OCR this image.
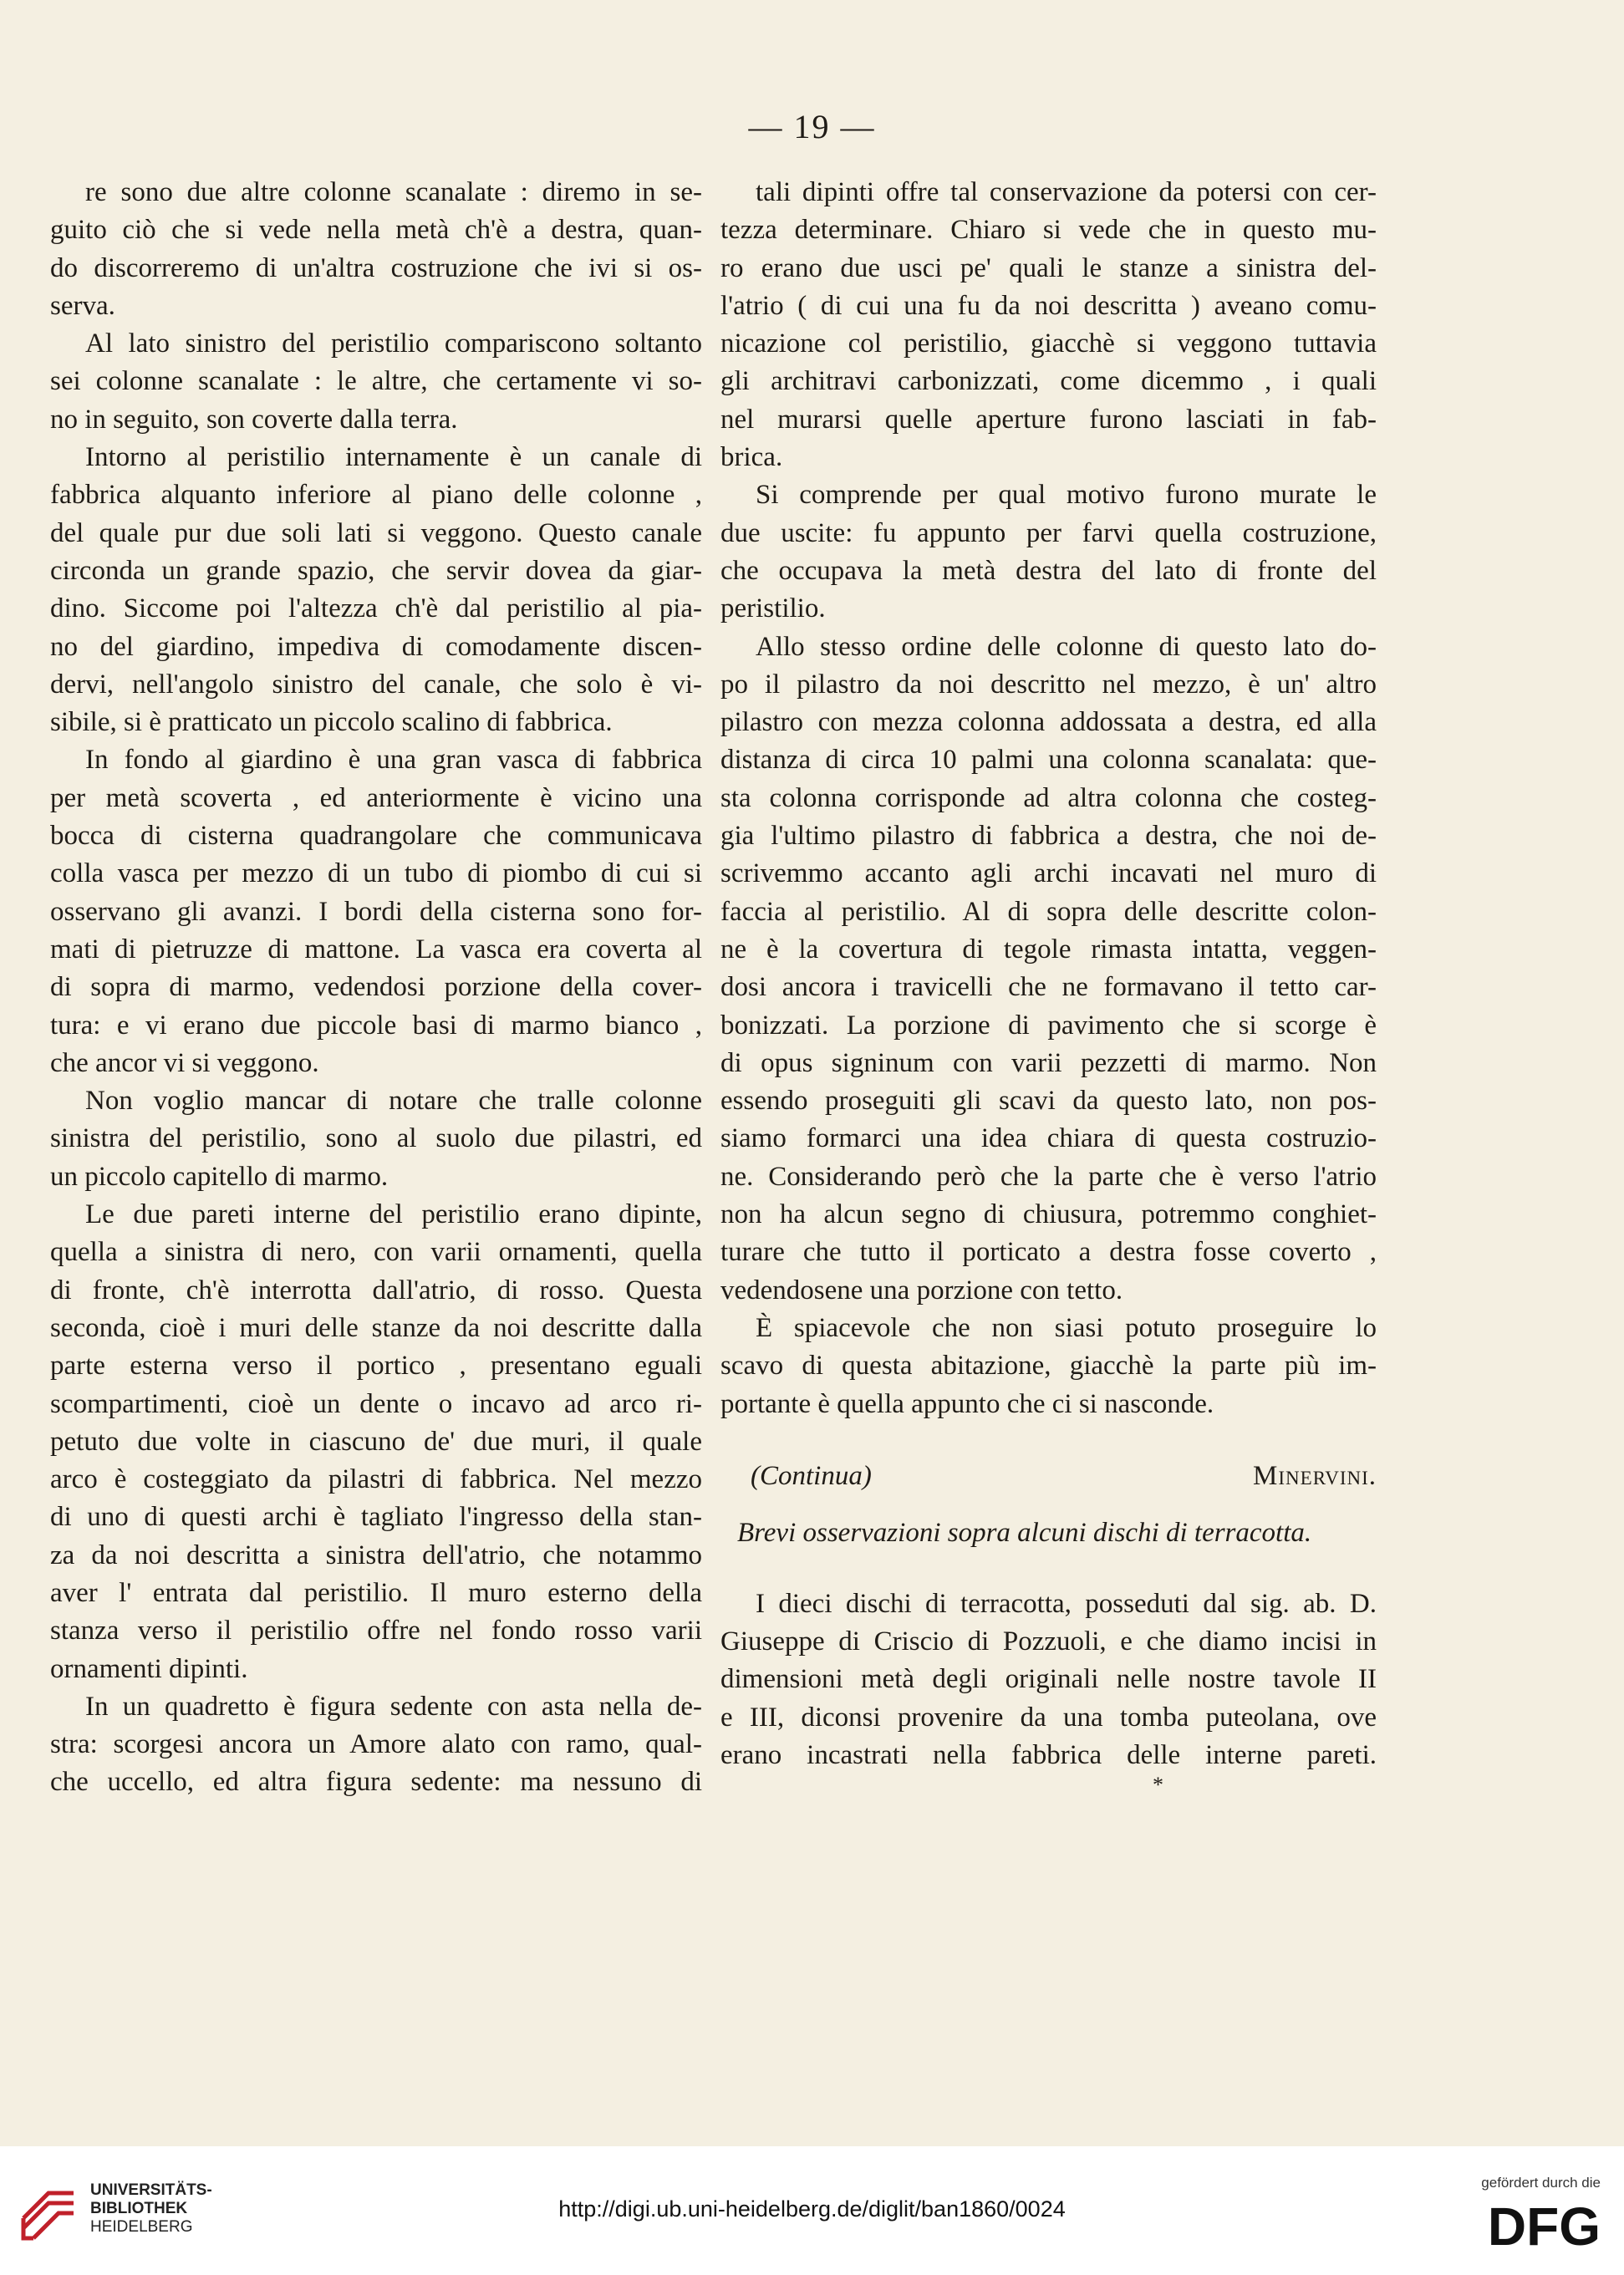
— 19 —
re sono due altre colonne scanalate : diremo in se-
guito ciò che si vede nella metà ch'è a destra, quan-
do discorreremo di un'altra costruzione che ivi si os-
serva.
Al lato sinistro del peristilio compariscono soltanto
sei colonne scanalate : le altre, che certamente vi so-
no in seguito, son coverte dalla terra.
Intorno al peristilio internamente è un canale di
fabbrica alquanto inferiore al piano delle colonne ,
del quale pur due soli lati si veggono. Questo canale
circonda un grande spazio, che servir dovea da giar-
dino. Siccome poi l'altezza ch'è dal peristilio al pia-
no del giardino, impediva di comodamente discen-
dervi, nell'angolo sinistro del canale, che solo è vi-
sibile, si è pratticato un piccolo scalino di fabbrica.
In fondo al giardino è una gran vasca di fabbrica
per metà scoverta , ed anteriormente è vicino una
bocca di cisterna quadrangolare che communicava
colla vasca per mezzo di un tubo di piombo di cui si
osservano gli avanzi. I bordi della cisterna sono for-
mati di pietruzze di mattone. La vasca era coverta al
di sopra di marmo, vedendosi porzione della cover-
tura: e vi erano due piccole basi di marmo bianco ,
che ancor vi si veggono.
Non voglio mancar di notare che tralle colonne
sinistra del peristilio, sono al suolo due pilastri, ed
un piccolo capitello di marmo.
Le due pareti interne del peristilio erano dipinte,
quella a sinistra di nero, con varii ornamenti, quella
di fronte, ch'è interrotta dall'atrio, di rosso. Questa
seconda, cioè i muri delle stanze da noi descritte dalla
parte esterna verso il portico , presentano eguali
scompartimenti, cioè un dente o incavo ad arco ri-
petuto due volte in ciascuno de' due muri, il quale
arco è costeggiato da pilastri di fabbrica. Nel mezzo
di uno di questi archi è tagliato l'ingresso della stan-
za da noi descritta a sinistra dell'atrio, che notammo
aver l' entrata dal peristilio. Il muro esterno della
stanza verso il peristilio offre nel fondo rosso varii
ornamenti dipinti.
In un quadretto è figura sedente con asta nella de-
stra: scorgesi ancora un Amore alato con ramo, qual-
che uccello, ed altra figura sedente: ma nessuno di
tali dipinti offre tal conservazione da potersi con cer-
tezza determinare. Chiaro si vede che in questo mu-
ro erano due usci pe' quali le stanze a sinistra del-
l'atrio ( di cui una fu da noi descritta ) aveano comu-
nicazione col peristilio, giacchè si veggono tuttavia
gli architravi carbonizzati, come dicemmo , i quali
nel murarsi quelle aperture furono lasciati in fab-
brica.
Si comprende per qual motivo furono murate le
due uscite: fu appunto per farvi quella costruzione,
che occupava la metà destra del lato di fronte del
peristilio.
Allo stesso ordine delle colonne di questo lato do-
po il pilastro da noi descritto nel mezzo, è un' altro
pilastro con mezza colonna addossata a destra, ed alla
distanza di circa 10 palmi una colonna scanalata: que-
sta colonna corrisponde ad altra colonna che costeg-
gia l'ultimo pilastro di fabbrica a destra, che noi de-
scrivemmo accanto agli archi incavati nel muro di
faccia al peristilio. Al di sopra delle descritte colon-
ne è la covertura di tegole rimasta intatta, veggen-
dosi ancora i travicelli che ne formavano il tetto car-
bonizzati. La porzione di pavimento che si scorge è
di opus signinum con varii pezzetti di marmo. Non
essendo proseguiti gli scavi da questo lato, non pos-
siamo formarci una idea chiara di questa costruzio-
ne. Considerando però che la parte che è verso l'atrio
non ha alcun segno di chiusura, potremmo conghiet-
turare che tutto il porticato a destra fosse coverto ,
vedendosene una porzione con tetto.
È spiacevole che non siasi potuto proseguire lo
scavo di questa abitazione, giacchè la parte più im-
portante è quella appunto che ci si nasconde.
(Continua)	Minervini.
Brevi osservazioni sopra alcuni dischi di terracotta.
I dieci dischi di terracotta, posseduti dal sig. ab. D.
Giuseppe di Criscio di Pozzuoli, e che diamo incisi in
dimensioni metà degli originali nelle nostre tavole II
e III, diconsi provenire da una tomba puteolana, ove
erano incastrati nella fabbrica delle interne pareti.
*
UNIVERSITÄTS-
BIBLIOTHEK
HEIDELBERG
http://digi.ub.uni-heidelberg.de/diglit/ban1860/0024
gefördert durch die
DFG
